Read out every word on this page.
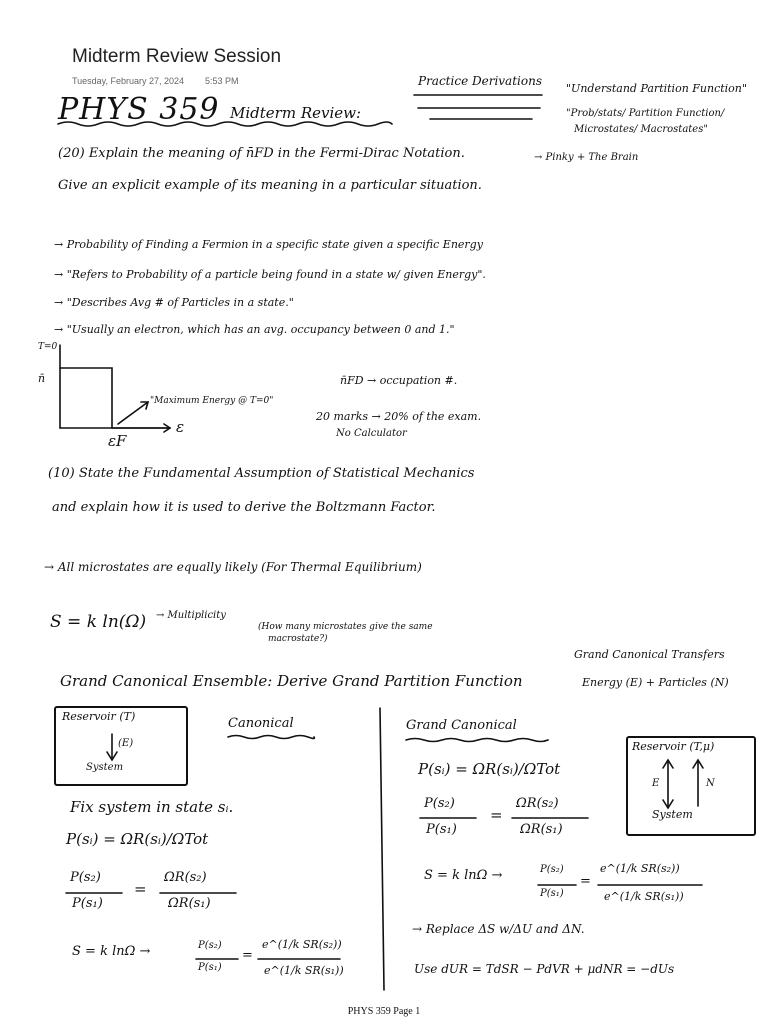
Midterm Review Session
Tuesday, February 27, 2024 5:53 PM
PHYS 359 Midterm Review:
Practice Derivations
"Understand Partition Function"
"Prob/stats/ Partition Function/
Microstates/ Macrostates"
(20) Explain the meaning of n̄FD in the Fermi-Dirac Notation.	→ Pinky + The Brain
Give an explicit example of its meaning in a particular situation.
→ Probability of Finding a Fermion in a specific state given a specific Energy
→ "Refers to Probability of a particle being found in a state w/ given Energy".
→ "Describes Avg # of Particles in a state."
→ "Usually an electron, which has an avg. occupancy between 0 and 1."
T=0
n̄
"Maximum Energy @ T=0"
εF
ε
n̄FD → occupation #.
20 marks → 20% of the exam.
No Calculator
(10) State the Fundamental Assumption of Statistical Mechanics
and explain how it is used to derive the Boltzmann Factor.
→ All microstates are equally likely (For Thermal Equilibrium)
S = k ln(Ω) → Multiplicity
(How many microstates give the same
macrostate?)
Grand Canonical Ensemble: Derive Grand Partition Function
Grand Canonical Transfers
Energy (E) + Particles (N)
Reservoir (T)
(E)
System
Canonical
Fix system in state sᵢ.
P(sᵢ) = ΩR(sᵢ)/ΩTot
P(s₂)
P(s₁)
=
ΩR(s₂)
ΩR(s₁)
S = k lnΩ →	P(s₂)
P(s₁)
=
e^(1/k SR(s₂))
e^(1/k SR(s₁))
Grand Canonical
P(sᵢ) = ΩR(sᵢ)/ΩTot
P(s₂)
P(s₁)
=
ΩR(s₂)
ΩR(s₁)
Reservoir (T,μ)
E	N
System
S = k lnΩ →	P(s₂)
P(s₁)
=
e^(1/k SR(s₂))
e^(1/k SR(s₁))
→ Replace ΔS w/ΔU and ΔN.
Use dUR = TdSR − PdVR + μdNR = −dUs
PHYS 359 Page 1
